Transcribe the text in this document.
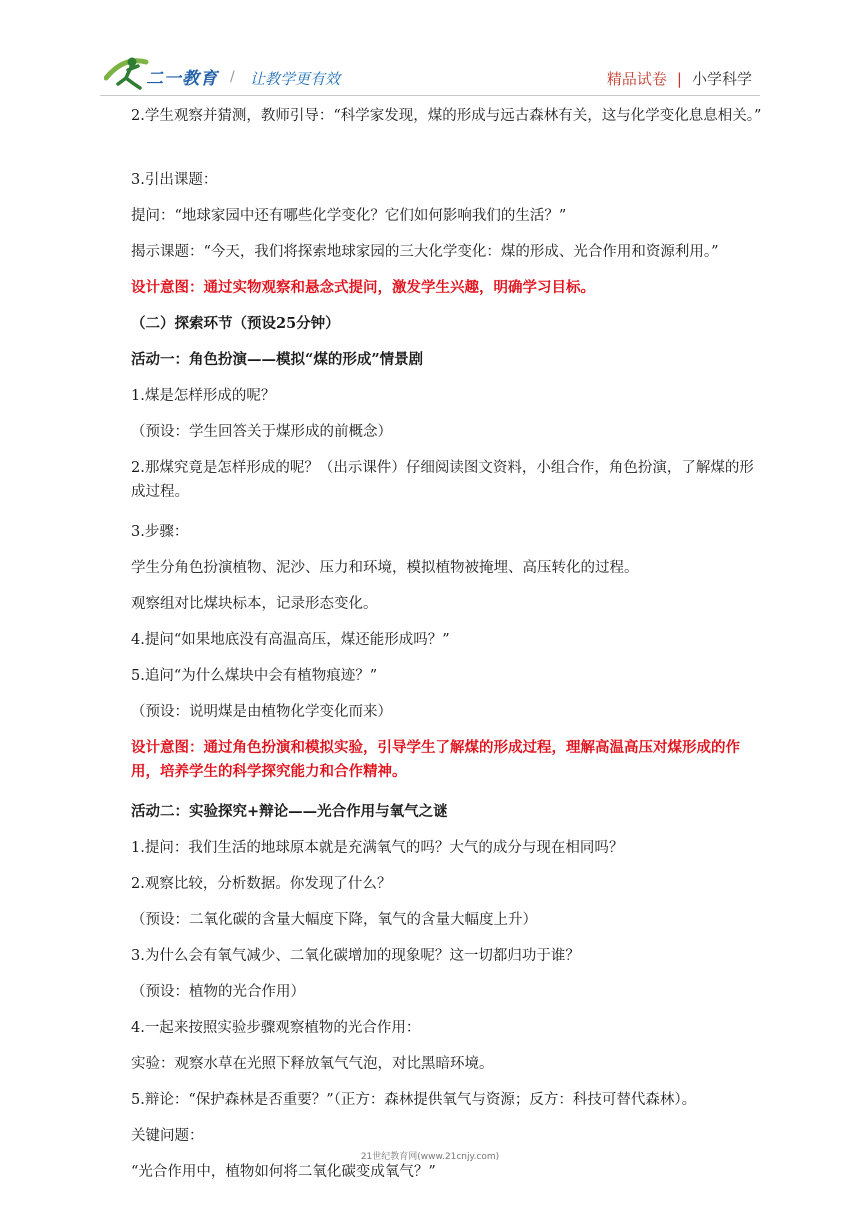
二一教育 / 让教学更有效	精品试卷 | 小学科学

2.学生观察并猜测，教师引导：“科学家发现，煤的形成与远古森林有关，这与化学变化息息相关。”

3.引出课题：

提问：“地球家园中还有哪些化学变化？它们如何影响我们的生活？”

揭示课题：“今天，我们将探索地球家园的三大化学变化：煤的形成、光合作用和资源利用。”

设计意图：通过实物观察和悬念式提问，激发学生兴趣，明确学习目标。

（二）探索环节（预设25分钟）

活动一：角色扮演——模拟“煤的形成”情景剧

1.煤是怎样形成的呢？

（预设：学生回答关于煤形成的前概念）

2.那煤究竟是怎样形成的呢？（出示课件）仔细阅读图文资料，小组合作，角色扮演，了解煤的形成过程。

3.步骤：

学生分角色扮演植物、泥沙、压力和环境，模拟植物被掩埋、高压转化的过程。

观察组对比煤块标本，记录形态变化。

4.提问“如果地底没有高温高压，煤还能形成吗？”

5.追问“为什么煤块中会有植物痕迹？”

（预设：说明煤是由植物化学变化而来）

设计意图：通过角色扮演和模拟实验，引导学生了解煤的形成过程，理解高温高压对煤形成的作用，培养学生的科学探究能力和合作精神。

活动二：实验探究+辩论——光合作用与氧气之谜

1.提问：我们生活的地球原本就是充满氧气的吗？大气的成分与现在相同吗？

2.观察比较，分析数据。你发现了什么？

（预设：二氧化碳的含量大幅度下降，氧气的含量大幅度上升）

3.为什么会有氧气减少、二氧化碳增加的现象呢？这一切都归功于谁？

（预设：植物的光合作用）

4.一起来按照实验步骤观察植物的光合作用：

实验：观察水草在光照下释放氧气气泡，对比黑暗环境。

5.辩论：“保护森林是否重要？”（正方：森林提供氧气与资源；反方：科技可替代森林）。

关键问题：

“光合作用中，植物如何将二氧化碳变成氧气？”

21世纪教育网(www.21cnjy.com)
